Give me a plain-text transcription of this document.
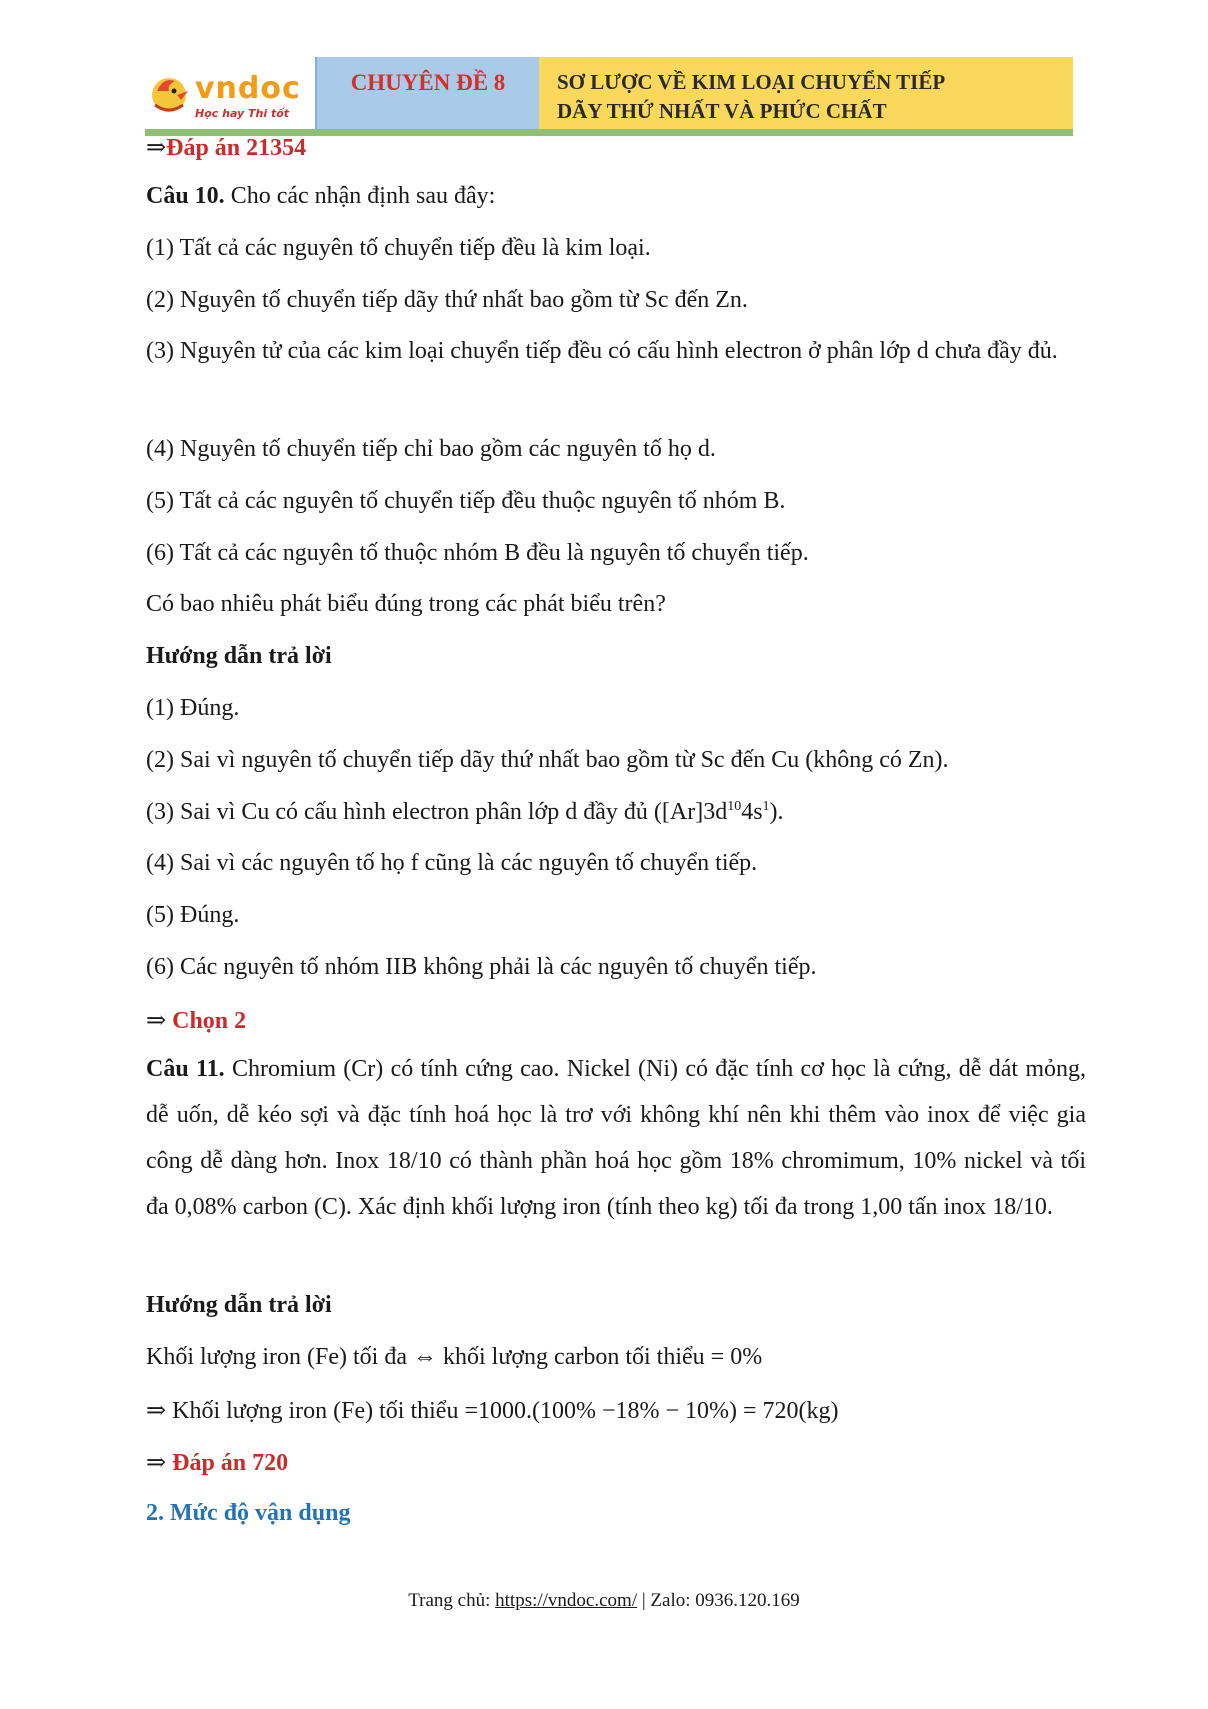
vndoc
Học hay Thi tốt
CHUYÊN ĐỀ 8	SƠ LƯỢC VỀ KIM LOẠI CHUYỂN TIẾP
DÃY THỨ NHẤT VÀ PHỨC CHẤT
⇒Đáp án 21354
Câu 10. Cho các nhận định sau đây:
(1) Tất cả các nguyên tố chuyển tiếp đều là kim loại.
(2) Nguyên tố chuyển tiếp dãy thứ nhất bao gồm từ Sc đến Zn.
(3) Nguyên tử của các kim loại chuyển tiếp đều có cấu hình electron ở phân lớp d chưa đầy đủ.
(4) Nguyên tố chuyển tiếp chỉ bao gồm các nguyên tố họ d.
(5) Tất cả các nguyên tố chuyển tiếp đều thuộc nguyên tố nhóm B.
(6) Tất cả các nguyên tố thuộc nhóm B đều là nguyên tố chuyển tiếp.
Có bao nhiêu phát biểu đúng trong các phát biểu trên?
Hướng dẫn trả lời
(1) Đúng.
(2) Sai vì nguyên tố chuyển tiếp dãy thứ nhất bao gồm từ Sc đến Cu (không có Zn).
(3) Sai vì Cu có cấu hình electron phân lớp d đầy đủ $([Ar]3d^{10}4s^1)$.
(4) Sai vì các nguyên tố họ f cũng là các nguyên tố chuyển tiếp.
(5) Đúng.
(6) Các nguyên tố nhóm IIB không phải là các nguyên tố chuyển tiếp.
⇒ Chọn 2
Câu 11. Chromium (Cr) có tính cứng cao. Nickel (Ni) có đặc tính cơ học là cứng, dễ dát mỏng, dễ uốn, dễ kéo sợi và đặc tính hoá học là trơ với không khí nên khi thêm vào inox để việc gia công dễ dàng hơn. Inox 18/10 có thành phần hoá học gồm 18% chromimum, 10% nickel và tối đa 0,08% carbon (C). Xác định khối lượng iron (tính theo kg) tối đa trong 1,00 tấn inox 18/10.
Hướng dẫn trả lời
Khối lượng iron (Fe) tối đa ⇔ khối lượng carbon tối thiểu = 0%
⇒ Khối lượng iron (Fe) tối thiểu =1000.(100% −18% − 10%) = 720(kg)
⇒ Đáp án 720
2. Mức độ vận dụng
Trang chủ: https://vndoc.com/ | Zalo: 0936.120.169
